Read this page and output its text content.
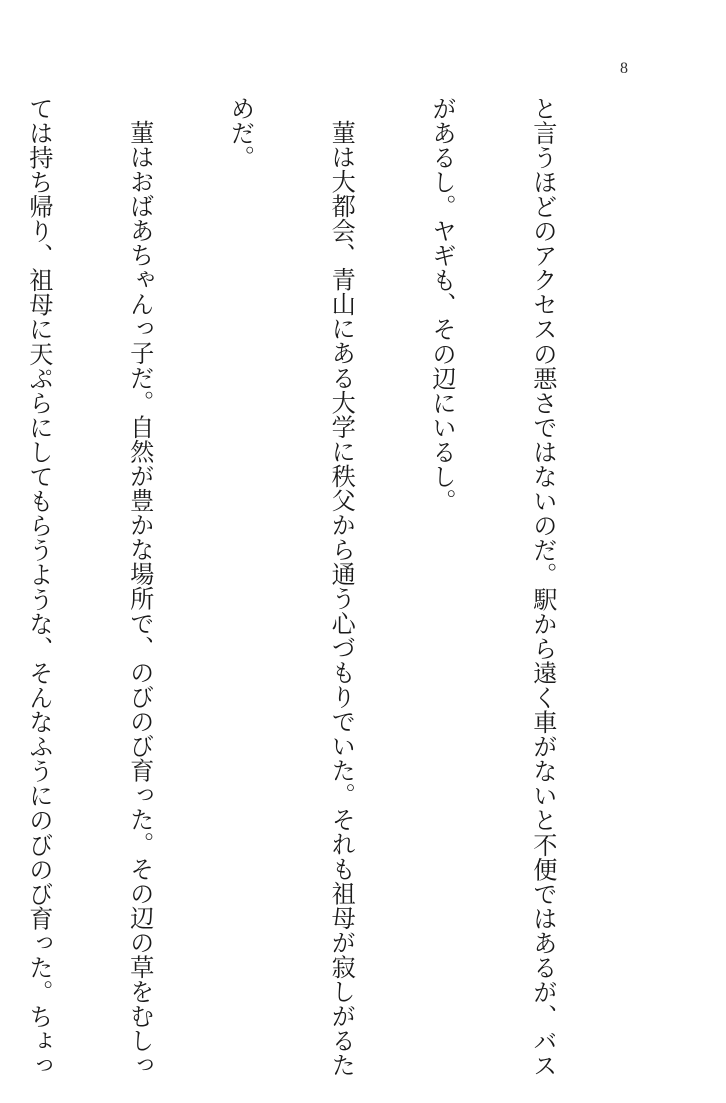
8

と言うほどのアクセスの悪さではないのだ。駅から遠く車がないと不便ではあるが、バス

があるし。ヤギも、その辺にいるし。

菫は大都会、青山にある大学に秩父から通う心づもりでいた。それも祖母が寂しがるた

めだ。

菫はおばあちゃんっ子だ。自然が豊かな場所で、のびのび育った。その辺の草をむしっ

ては持ち帰り、祖母に天ぷらにしてもらうような、そんなふうにのびのび育った。ちょっ
